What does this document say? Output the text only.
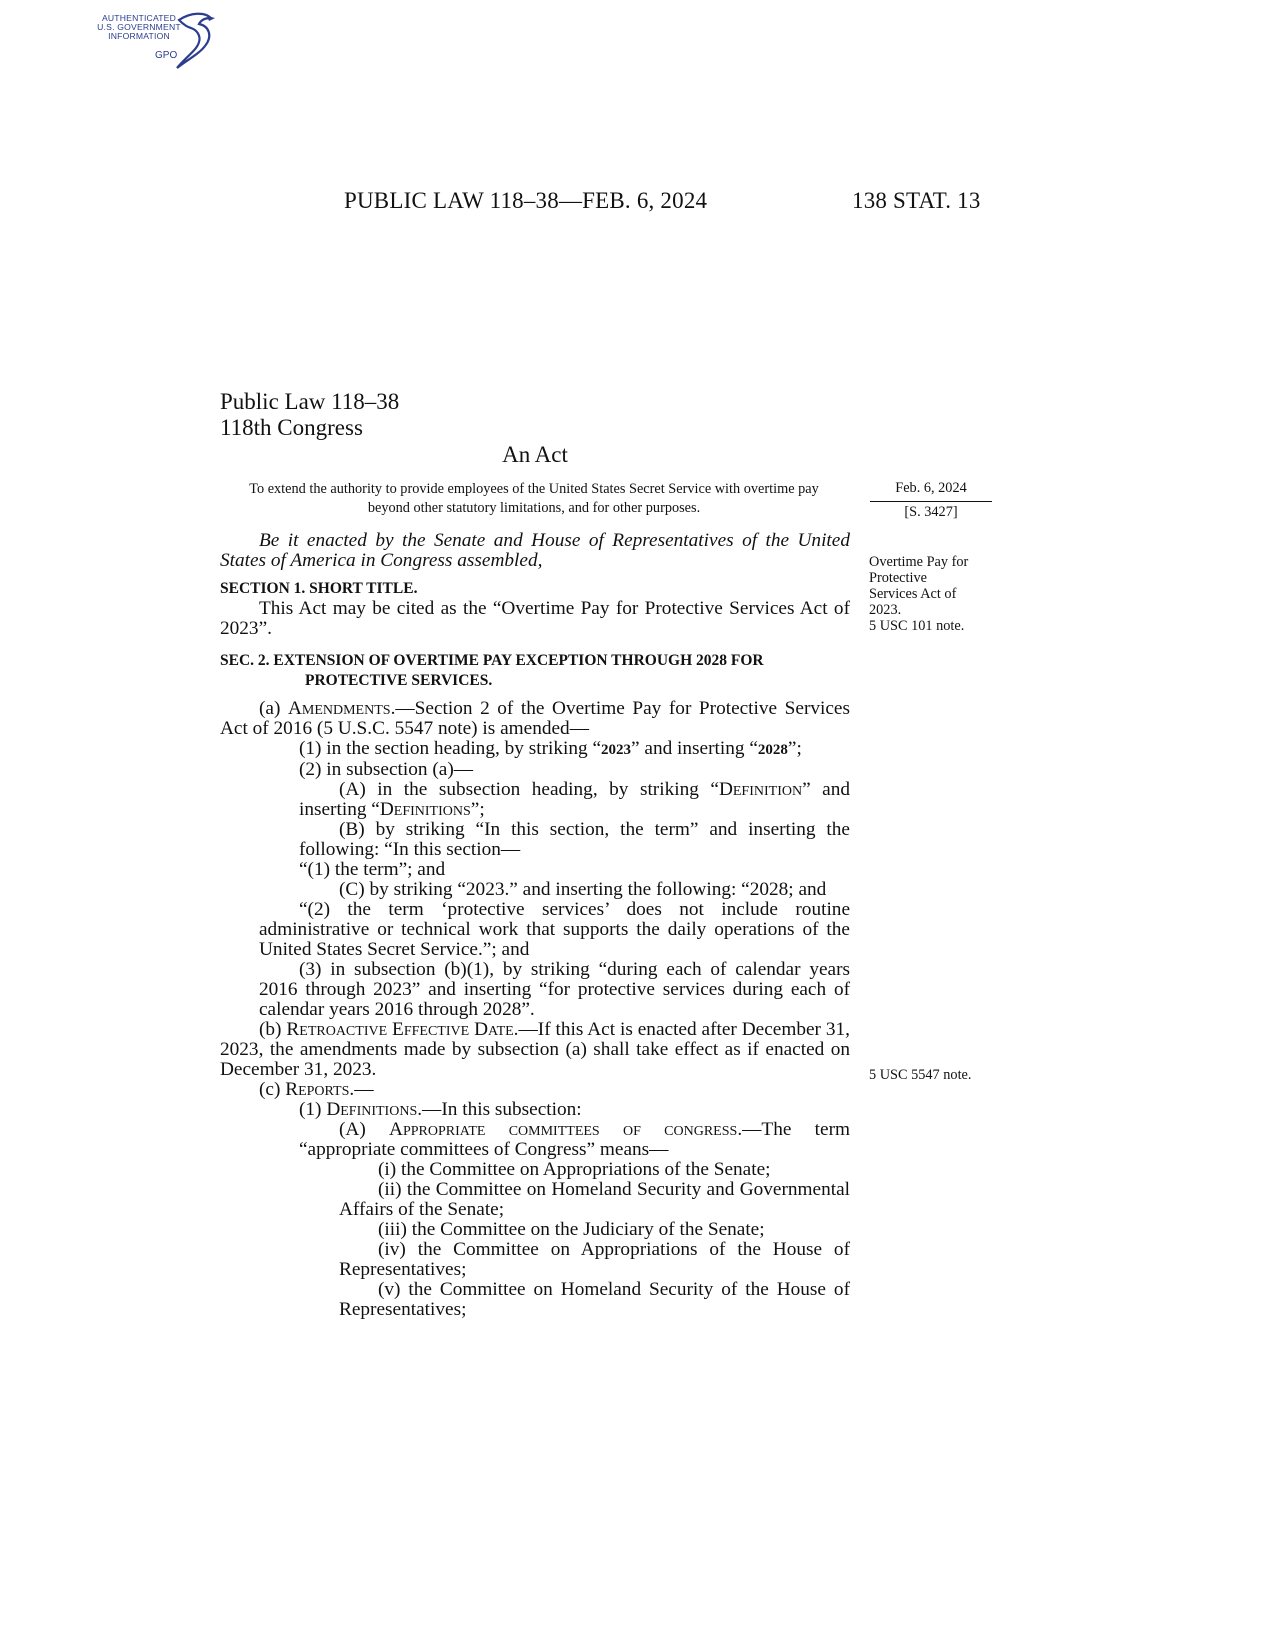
AUTHENTICATED
U.S. GOVERNMENT
INFORMATION
GPO
PUBLIC LAW 118–38—FEB. 6, 2024	138 STAT. 13
Public Law 118–38
118th Congress
An Act
To extend the authority to provide employees of the United States Secret Service with overtime pay beyond other statutory limitations, and for other purposes.
Feb. 6, 2024
[S. 3427]
Overtime Pay for
Protective
Services Act of
2023.
5 USC 101 note.
5 USC 5547 note.

Be it enacted by the Senate and House of Representatives of the United States of America in Congress assembled,

SECTION 1. SHORT TITLE.

This Act may be cited as the “Overtime Pay for Protective Services Act of 2023”.

SEC. 2. EXTENSION OF OVERTIME PAY EXCEPTION THROUGH 2028 FOR PROTECTIVE SERVICES.

(a) Amendments.—Section 2 of the Overtime Pay for Protective Services Act of 2016 (5 U.S.C. 5547 note) is amended—

(1) in the section heading, by striking “2023” and inserting “2028”;

(2) in subsection (a)—

(A) in the subsection heading, by striking “Definition” and inserting “Definitions”;

(B) by striking “In this section, the term” and inserting the following: “In this section—

“(1) the term”; and

(C) by striking “2023.” and inserting the following: “2028; and

“(2) the term ‘protective services’ does not include routine administrative or technical work that supports the daily operations of the United States Secret Service.”; and

(3) in subsection (b)(1), by striking “during each of calendar years 2016 through 2023” and inserting “for protective services during each of calendar years 2016 through 2028”.

(b) Retroactive Effective Date.—If this Act is enacted after December 31, 2023, the amendments made by subsection (a) shall take effect as if enacted on December 31, 2023.

(c) Reports.—

(1) Definitions.—In this subsection:

(A) Appropriate committees of congress.—The term “appropriate committees of Congress” means—

(i) the Committee on Appropriations of the Senate;

(ii) the Committee on Homeland Security and Governmental Affairs of the Senate;

(iii) the Committee on the Judiciary of the Senate;

(iv) the Committee on Appropriations of the House of Representatives;

(v) the Committee on Homeland Security of the House of Representatives;
